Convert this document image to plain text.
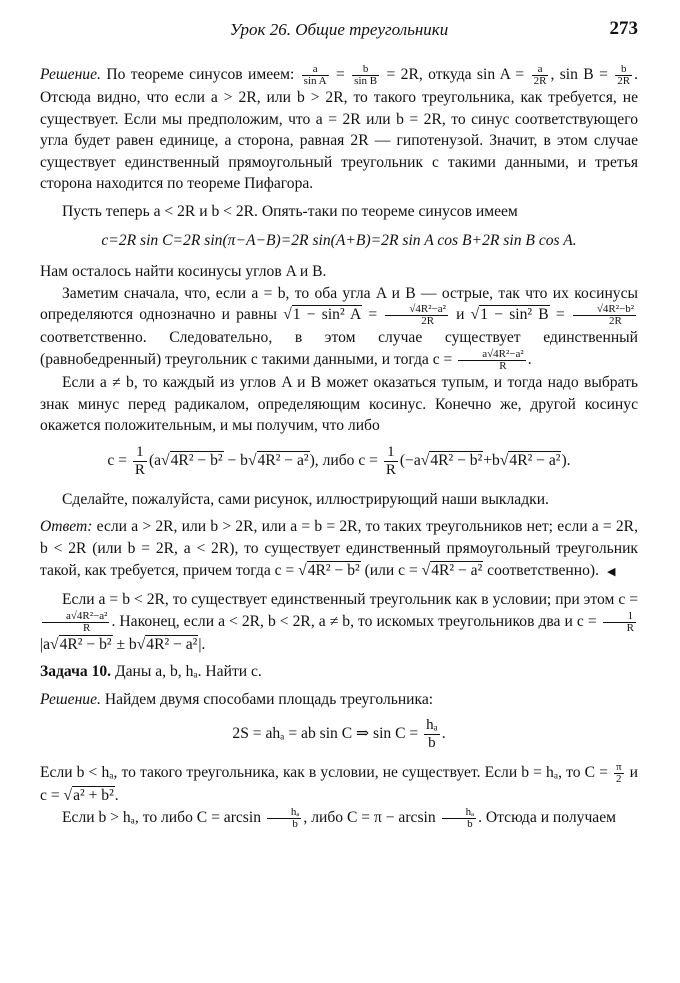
Урок 26. Общие треугольники	273

Решение. По теореме синусов имеем: $\frac{a}{\text{sin A}} = \frac{b}{\text{sin B}} = 2R$, откуда $\sin A = \frac{a}{2R}$ , $\sin B = \frac{b}{2R}$ . Отсюда видно, что если a > 2R, или b > 2R, то такого треугольника, как требуется, не существует. Если мы предположим, что a = 2R или b = 2R, то синус соответствующего угла будет равен единице, а сторона, равная 2R — гипотенузой. Значит, в этом случае существует единственный прямоугольный треугольник с такими данными, и третья сторона находится по теореме Пифагора.

Пусть теперь a < 2R и b < 2R. Опять-таки по теореме синусов имеем

c=2R sin C=2R sin(π−A−B)=2R sin(A+B)=2R sin A cos B+2R sin B cos A.

Нам осталось найти косинусы углов A и B.

Заметим сначала, что, если a = b, то оба угла A и B — острые, так что их косинусы определяются однозначно и равны √1 − sin² $A = \frac{\text{√4R²−a²}}{2R}$ и √1 − sin² $B = \frac{\text{√4R²−b²}}{2R}$
соответственно. Следовательно, в этом случае существует единственный (равнобедренный) треугольник с такими данными, и тогда $c = \frac{\text{a√4R²−a²}}{R}$ .

Если a ≠ b, то каждый из углов A и B может оказаться тупым, и тогда надо выбрать знак минус перед радикалом, определяющим косинус. Конечно же, другой косинус окажется положительным, и мы получим, что либо

$c = \frac{1}{R} (a√4R^2 - b^2 - b√4R^2 - a^2)$, либо $c = \frac{1}{R} (-a√4R^2 - b^2+b√4R^2 - a^2)$.

Сделайте, пожалуйста, сами рисунок, иллюстрирующий наши выкладки.

Ответ: если a > 2R, или b > 2R, или a = b = 2R, то таких треугольников нет; если a = 2R, b < 2R (или b = 2R, a < 2R), то существует единственный прямоугольный треугольник такой, как требуется, причем тогда c = √4R² − b² (или c = √4R² − a² соответственно). ◀

Если a = b < 2R, то существует единственный треугольник как в условии; при этом c =
$\frac{\text{a√4R²−a²}}{R}$ . Наконец, если a < 2R, b < 2R, a ≠ b, то искомых треугольников два и $c = \frac{1}{R}$
|a√4R² − b² ± b√4R² − a²|.

Задача 10. Даны a, b, hₐ. Найти c.

Решение. Найдем двумя способами площадь треугольника:

2S = ahₐ = ab sin C ⇒ $\sin C = \frac{\text{hₐ}}{b}$ .

Если b < hₐ, то такого треугольника, как в условии, не существует. Если b = hₐ, то $C = \frac{\pi}{2}$ и c = √a² + b².

Если b > hₐ, то либо $C = \arcsin \frac{\text{hₐ}}{b}$ , либо $C = \pi - \arcsin \frac{\text{hₐ}}{b}$ . Отсюда и получаем
